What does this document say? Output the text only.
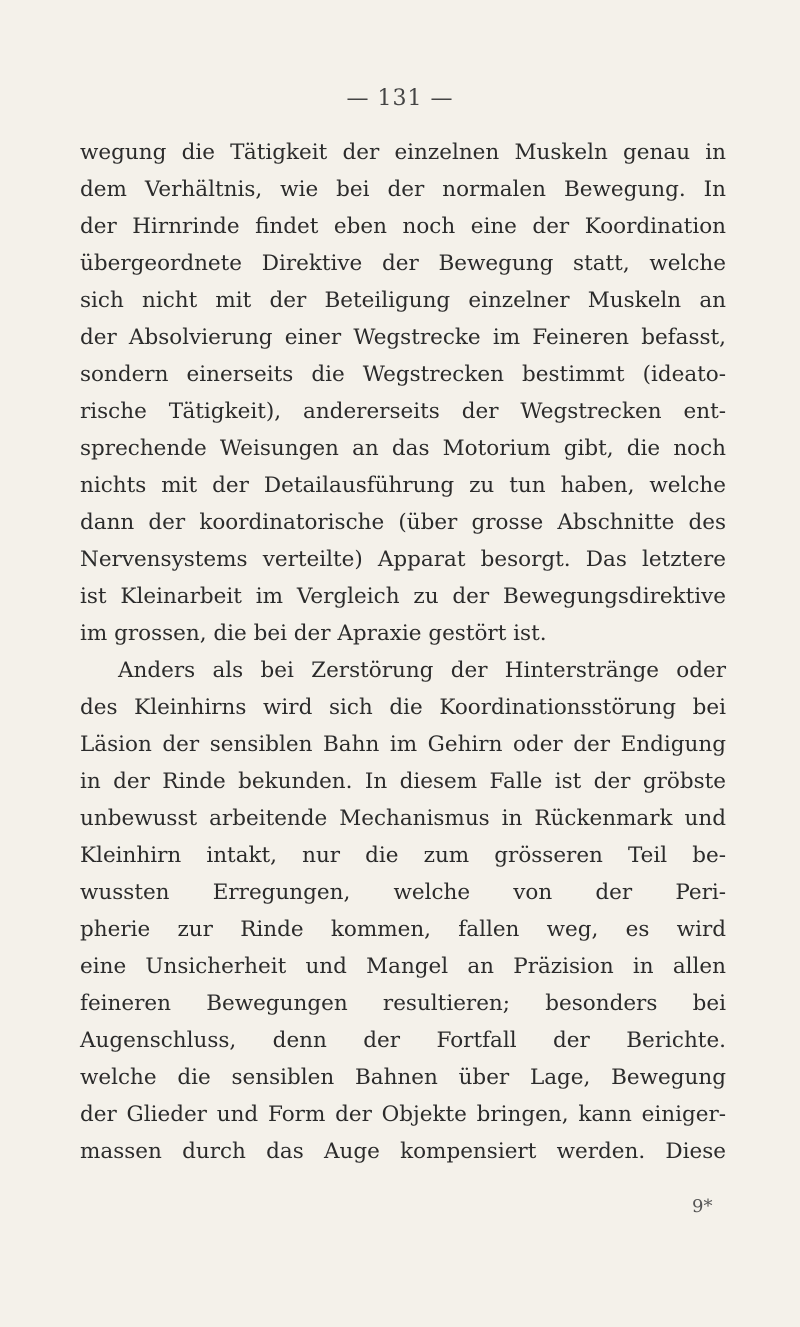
— 131 —
wegung die Tätigkeit der einzelnen Muskeln genau in
dem Verhältnis, wie bei der normalen Bewegung. In
der Hirnrinde findet eben noch eine der Koordination
übergeordnete Direktive der Bewegung statt, welche
sich nicht mit der Beteiligung einzelner Muskeln an
der Absolvierung einer Wegstrecke im Feineren befasst,
sondern einerseits die Wegstrecken bestimmt (ideato-
rische Tätigkeit), andererseits der Wegstrecken ent-
sprechende Weisungen an das Motorium gibt, die noch
nichts mit der Detailausführung zu tun haben, welche
dann der koordinatorische (über grosse Abschnitte des
Nervensystems verteilte) Apparat besorgt. Das letztere
ist Kleinarbeit im Vergleich zu der Bewegungsdirektive
im grossen, die bei der Apraxie gestört ist.
Anders als bei Zerstörung der Hinterstränge oder
des Kleinhirns wird sich die Koordinationsstörung bei
Läsion der sensiblen Bahn im Gehirn oder der Endigung
in der Rinde bekunden. In diesem Falle ist der gröbste
unbewusst arbeitende Mechanismus in Rückenmark und
Kleinhirn intakt, nur die zum grösseren Teil be-
wussten Erregungen, welche von der Peri-
pherie zur Rinde kommen, fallen weg, es wird
eine Unsicherheit und Mangel an Präzision in allen
feineren Bewegungen resultieren; besonders bei
Augenschluss, denn der Fortfall der Berichte.
welche die sensiblen Bahnen über Lage, Bewegung
der Glieder und Form der Objekte bringen, kann einiger-
massen durch das Auge kompensiert werden. Diese
9*
